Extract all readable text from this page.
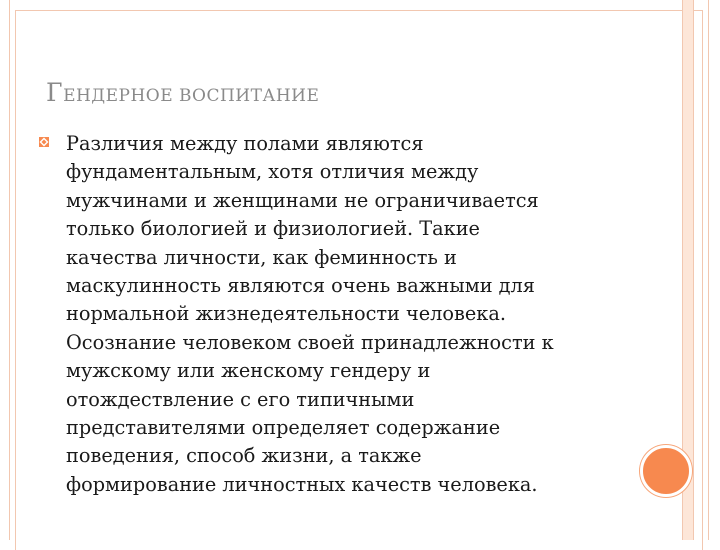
ГЕНДЕРНОЕ ВОСПИТАНИЕ
Различия между полами являются
фундаментальным, хотя отличия между
мужчинами и женщинами не ограничивается
только биологией и физиологией. Такие
качества личности, как феминность и
маскулинность являются очень важными для
нормальной жизнедеятельности человека.
Осознание человеком своей принадлежности к
мужскому или женскому гендеру и
отождествление с его типичными
представителями определяет содержание
поведения, способ жизни, а также
формирование личностных качеств человека.
